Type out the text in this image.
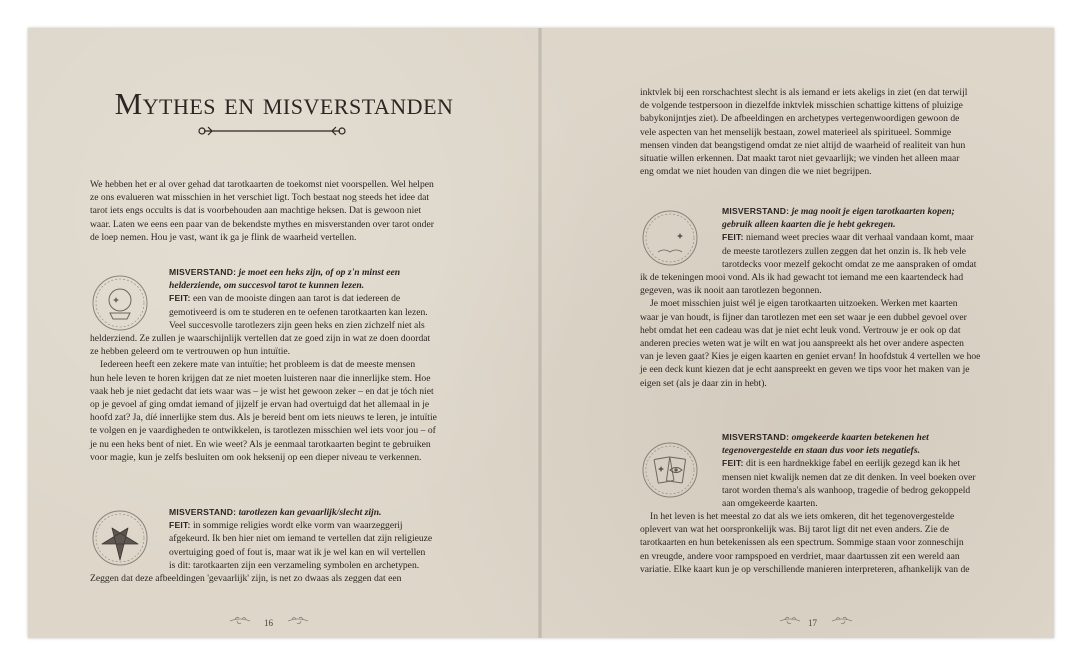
Mythes en misverstanden
We hebben het er al over gehad dat tarotkaarten de toekomst niet voorspellen. Wel helpen
ze ons evalueren wat misschien in het verschiet ligt. Toch bestaat nog steeds het idee dat
tarot iets engs occults is dat is voorbehouden aan machtige heksen. Dat is gewoon niet
waar. Laten we eens een paar van de bekendste mythes en misverstanden over tarot onder
de loep nemen. Hou je vast, want ik ga je flink de waarheid vertellen.
MISVERSTAND: je moet een heks zijn, of op z'n minst een
helderziende, om succesvol tarot te kunnen lezen.
FEIT: een van de mooiste dingen aan tarot is dat iedereen de
gemotiveerd is om te studeren en te oefenen tarotkaarten kan lezen.
Veel succesvolle tarotlezers zijn geen heks en zien zichzelf niet als
helderziend. Ze zullen je waarschijnlijk vertellen dat ze goed zijn in wat ze doen doordat
ze hebben geleerd om te vertrouwen op hun intuïtie.
Iedereen heeft een zekere mate van intuïtie; het probleem is dat de meeste mensen
hun hele leven te horen krijgen dat ze niet moeten luisteren naar die innerlijke stem. Hoe
vaak heb je niet gedacht dat iets waar was – je wist het gewoon zeker – en dat je tóch niet
op je gevoel af ging omdat iemand of jijzelf je ervan had overtuigd dat het allemaal in je
hoofd zat? Ja, díé innerlijke stem dus. Als je bereid bent om iets nieuws te leren, je intuïtie
te volgen en je vaardigheden te ontwikkelen, is tarotlezen misschien wel iets voor jou – of
je nu een heks bent of niet. En wie weet? Als je eenmaal tarotkaarten begint te gebruiken
voor magie, kun je zelfs besluiten om ook heksenij op een dieper niveau te verkennen.
MISVERSTAND: tarotlezen kan gevaarlijk/slecht zijn.
FEIT: in sommige religies wordt elke vorm van waarzeggerij
afgekeurd. Ik ben hier niet om iemand te vertellen dat zijn religieuze
overtuiging goed of fout is, maar wat ik je wel kan en wil vertellen
is dit: tarotkaarten zijn een verzameling symbolen en archetypen.
Zeggen dat deze afbeeldingen 'gevaarlijk' zijn, is net zo dwaas als zeggen dat een
16
inktvlek bij een rorschachtest slecht is als iemand er iets akeligs in ziet (en dat terwijl
de volgende testpersoon in diezelfde inktvlek misschien schattige kittens of pluizige
babykonijntjes ziet). De afbeeldingen en archetypes vertegenwoordigen gewoon de
vele aspecten van het menselijk bestaan, zowel materieel als spiritueel. Sommige
mensen vinden dat beangstigend omdat ze niet altijd de waarheid of realiteit van hun
situatie willen erkennen. Dat maakt tarot niet gevaarlijk; we vinden het alleen maar
eng omdat we niet houden van dingen die we niet begrijpen.
MISVERSTAND: je mag nooit je eigen tarotkaarten kopen;
gebruik alleen kaarten die je hebt gekregen.
FEIT: niemand weet precies waar dit verhaal vandaan komt, maar
de meeste tarotlezers zullen zeggen dat het onzin is. Ik heb vele
tarotdecks voor mezelf gekocht omdat ze me aanspraken of omdat
ik de tekeningen mooi vond. Als ik had gewacht tot iemand me een kaartendeck had
gegeven, was ik nooit aan tarotlezen begonnen.
Je moet misschien juist wél je eigen tarotkaarten uitzoeken. Werken met kaarten
waar je van houdt, is fijner dan tarotlezen met een set waar je een dubbel gevoel over
hebt omdat het een cadeau was dat je niet echt leuk vond. Vertrouw je er ook op dat
anderen precies weten wat je wilt en wat jou aanspreekt als het over andere aspecten
van je leven gaat? Kies je eigen kaarten en geniet ervan! In hoofdstuk 4 vertellen we hoe
je een deck kunt kiezen dat je echt aanspreekt en geven we tips voor het maken van je
eigen set (als je daar zin in hebt).
MISVERSTAND: omgekeerde kaarten betekenen het
tegenovergestelde en staan dus voor iets negatiefs.
FEIT: dit is een hardnekkige fabel en eerlijk gezegd kan ik het
mensen niet kwalijk nemen dat ze dit denken. In veel boeken over
tarot worden thema's als wanhoop, tragedie of bedrog gekoppeld
aan omgekeerde kaarten.
In het leven is het meestal zo dat als we iets omkeren, dit het tegenovergestelde
oplevert van wat het oorspronkelijk was. Bij tarot ligt dit net even anders. Zie de
tarotkaarten en hun betekenissen als een spectrum. Sommige staan voor zonneschijn
en vreugde, andere voor rampspoed en verdriet, maar daartussen zit een wereld aan
variatie. Elke kaart kun je op verschillende manieren interpreteren, afhankelijk van de
17
